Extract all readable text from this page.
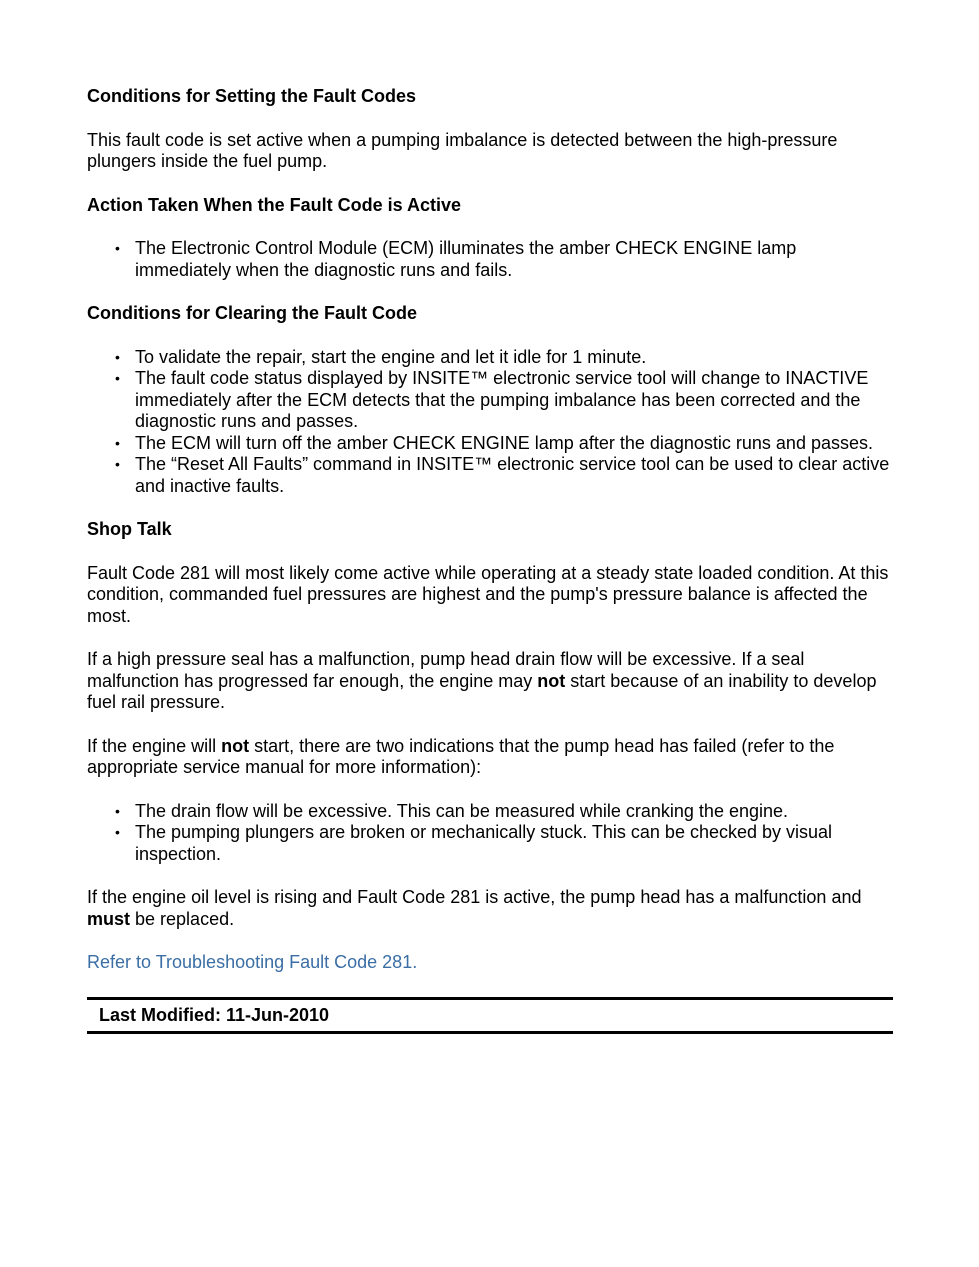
Conditions for Setting the Fault Codes

This fault code is set active when a pumping imbalance is detected between the high-pressure plungers inside the fuel pump.

Action Taken When the Fault Code is Active
• The Electronic Control Module (ECM) illuminates the amber CHECK ENGINE lamp immediately when the diagnostic runs and fails.
Conditions for Clearing the Fault Code
• To validate the repair, start the engine and let it idle for 1 minute.
• The fault code status displayed by INSITE™ electronic service tool will change to INACTIVE immediately after the ECM detects that the pumping imbalance has been corrected and the diagnostic runs and passes.
• The ECM will turn off the amber CHECK ENGINE lamp after the diagnostic runs and passes.
• The “Reset All Faults” command in INSITE™ electronic service tool can be used to clear active and inactive faults.
Shop Talk

Fault Code 281 will most likely come active while operating at a steady state loaded condition. At this condition, commanded fuel pressures are highest and the pump's pressure balance is affected the most.

If a high pressure seal has a malfunction, pump head drain flow will be excessive. If a seal malfunction has progressed far enough, the engine may not start because of an inability to develop fuel rail pressure.

If the engine will not start, there are two indications that the pump head has failed (refer to the appropriate service manual for more information):

• The drain flow will be excessive. This can be measured while cranking the engine.
• The pumping plungers are broken or mechanically stuck. This can be checked by visual inspection.

If the engine oil level is rising and Fault Code 281 is active, the pump head has a malfunction and must be replaced.

Refer to Troubleshooting Fault Code 281.

Last Modified: 11-Jun-2010
